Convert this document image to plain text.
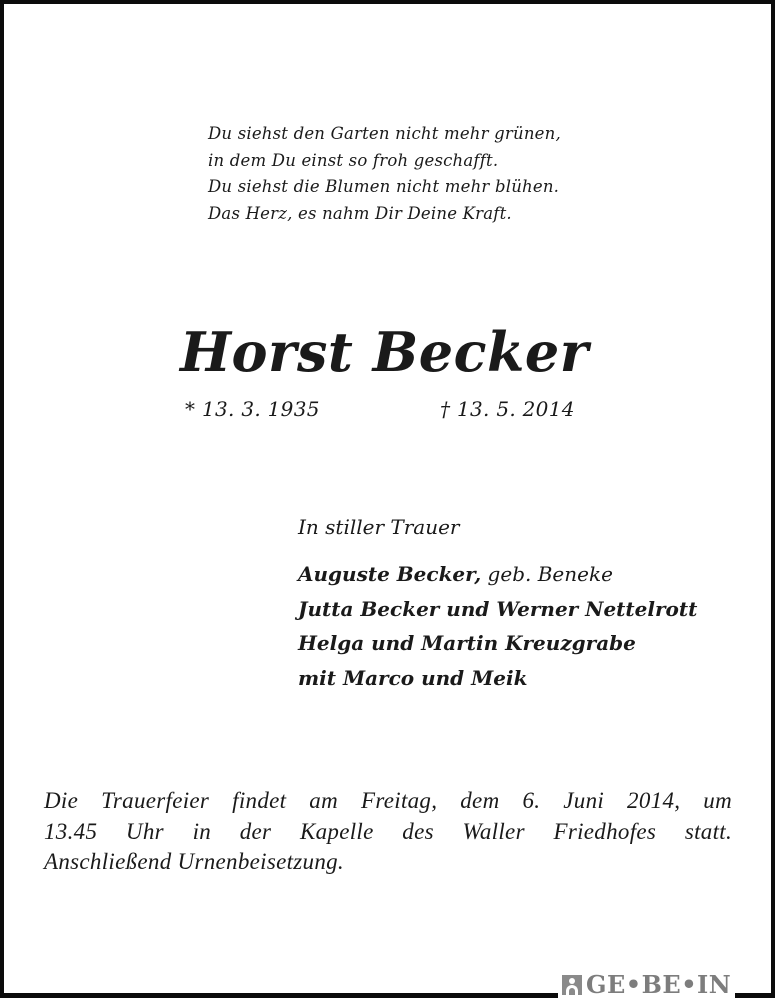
Du siehst den Garten nicht mehr grünen,
in dem Du einst so froh geschafft.
Du siehst die Blumen nicht mehr blühen.
Das Herz, es nahm Dir Deine Kraft.
Horst Becker
* 13. 3. 1935	† 13. 5. 2014
In stiller Trauer
Auguste Becker, geb. Beneke
Jutta Becker und Werner Nettelrott
Helga und Martin Kreuzgrabe
mit Marco und Meik
Die Trauerfeier findet am Freitag, dem 6. Juni 2014, um
13.45 Uhr in der Kapelle des Waller Friedhofes statt.
Anschließend Urnenbeisetzung.
GE•BE•IN
